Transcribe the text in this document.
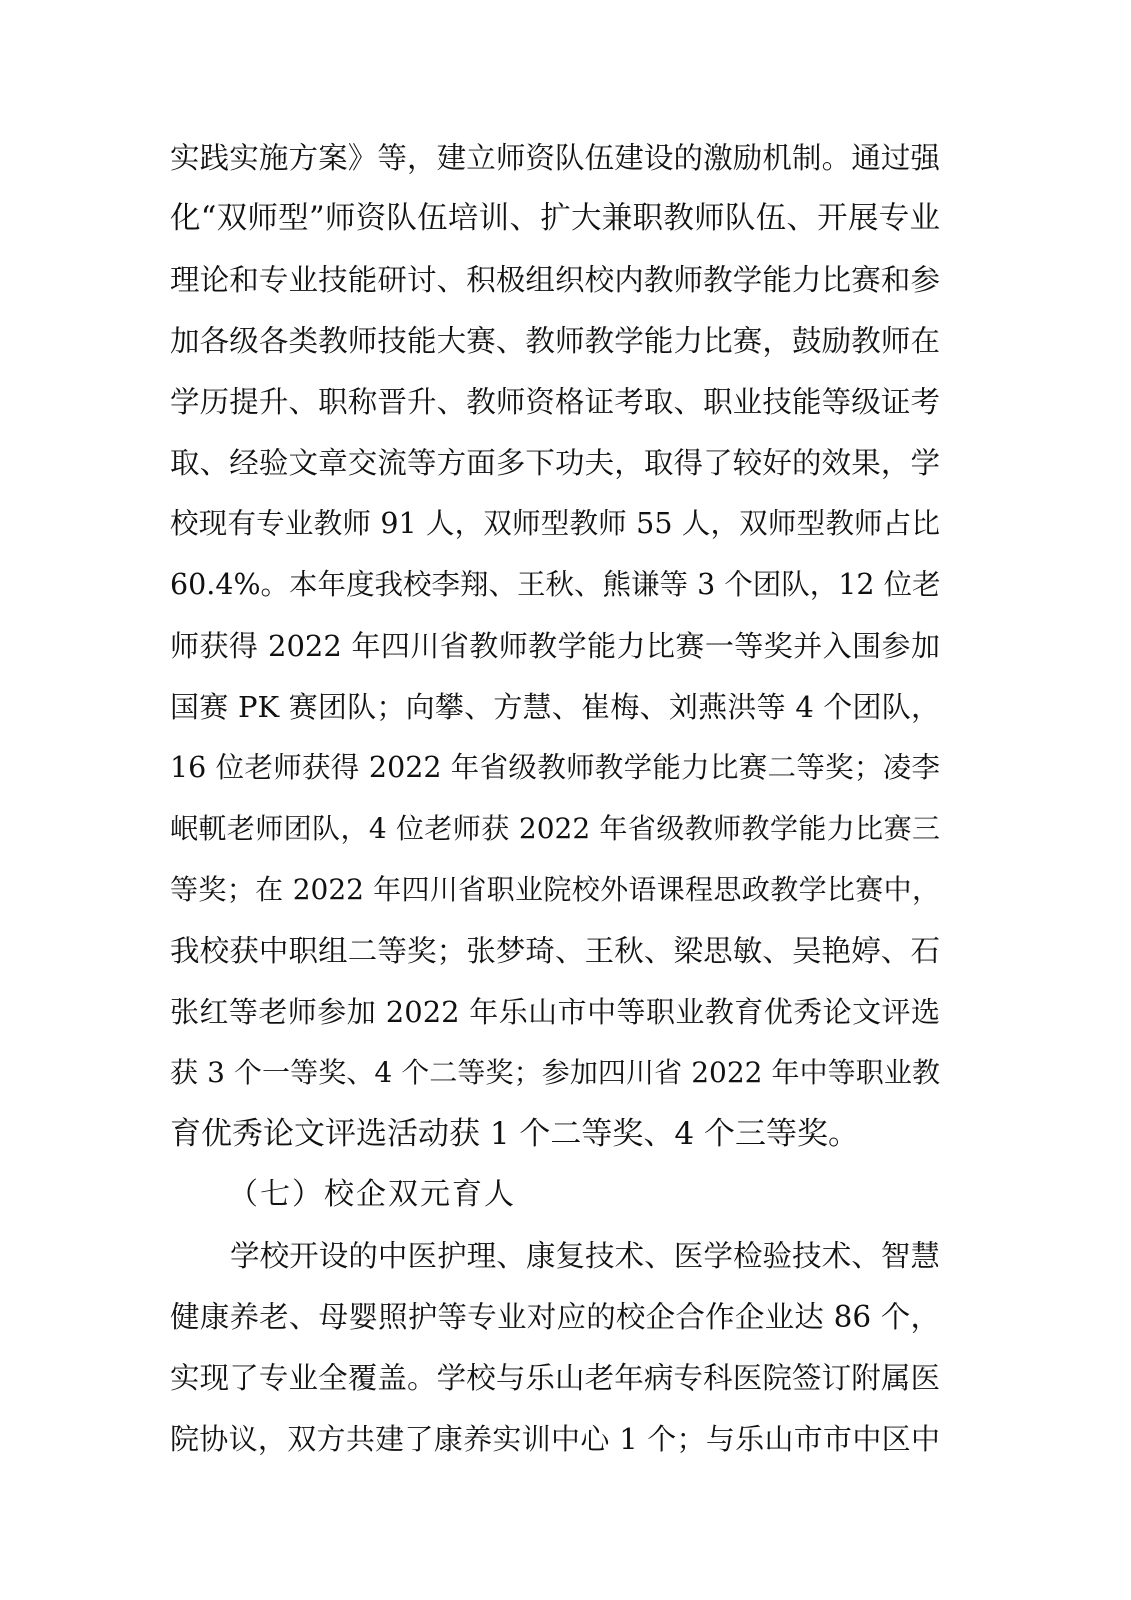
实践实施方案》等，建立师资队伍建设的激励机制。通过强
化“双师型”师资队伍培训、扩大兼职教师队伍、开展专业
理论和专业技能研讨、积极组织校内教师教学能力比赛和参
加各级各类教师技能大赛、教师教学能力比赛，鼓励教师在
学历提升、职称晋升、教师资格证考取、职业技能等级证考
取、经验文章交流等方面多下功夫，取得了较好的效果，学
校现有专业教师 91 人，双师型教师 55 人，双师型教师占比
60.4%。本年度我校李翔、王秋、熊谦等 3 个团队，12 位老
师获得 2022 年四川省教师教学能力比赛一等奖并入围参加
国赛 PK 赛团队；向攀、方慧、崔梅、刘燕洪等 4 个团队，
16 位老师获得 2022 年省级教师教学能力比赛二等奖；凌李
岷軏老师团队，4 位老师获 2022 年省级教师教学能力比赛三
等奖；在 2022 年四川省职业院校外语课程思政教学比赛中，
我校获中职组二等奖；张梦琦、王秋、梁思敏、吴艳婷、石
张红等老师参加 2022 年乐山市中等职业教育优秀论文评选
获 3 个一等奖、4 个二等奖；参加四川省 2022 年中等职业教
育优秀论文评选活动获 1 个二等奖、4 个三等奖。
（七）校企双元育人
学校开设的中医护理、康复技术、医学检验技术、智慧
健康养老、母婴照护等专业对应的校企合作企业达 86 个，
实现了专业全覆盖。学校与乐山老年病专科医院签订附属医
院协议，双方共建了康养实训中心 1 个；与乐山市市中区中
